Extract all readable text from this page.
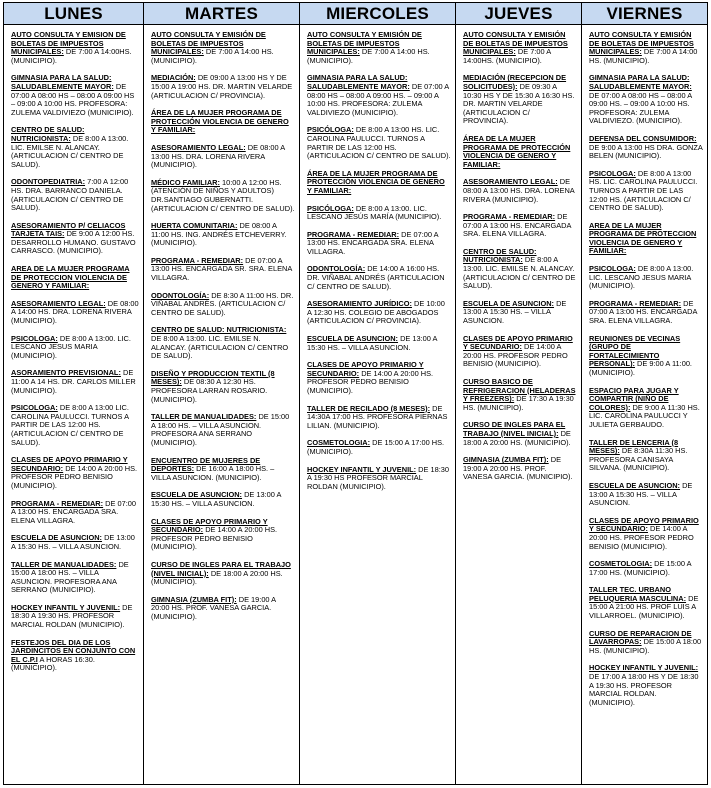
LUNES
AUTO CONSULTA Y EMISION DE BOLETAS DE IMPUESTOS MUNICIPALES: DE 7:00 A 14:00HS. (MUNICIPIO).
GIMNASIA PARA LA SALUD: SALUDABLEMENTE MAYOR: DE 07:00 A 08:00 HS – 08:00 A 09:00 HS – 09:00 A 10:00 HS. PROFESORA: ZULEMA VALDIVIEZO (MUNICIPIO).
CENTRO DE SALUD: NUTRICIONISTA: DE 8:00 A 13:00. LIC. EMILSE N. ALANCAY. (ARTICULACION C/ CENTRO DE SALUD).
ODONTOPEDIATRIA: 7:00 A 12:00 HS. DRA. BARRANCO DANIELA. (ARTICULACION C/ CENTRO DE SALUD).
ASESORAMIENTO P/ CELIACOS TARJETA TAIS: DE 9:00 A 12:00 HS. DESARROLLO HUMANO. GUSTAVO CARRASCO. (MUNICIPIO).
AREA DE LA MUJER PROGRAMA DE PROTECCION VIOLENCIA DE GENERO Y FAMILIAR:
ASESORAMIENTO LEGAL: DE 08:00 A 14:00 HS. DRA. LORENA RIVERA (MUNICIPIO).
PSICOLOGA: DE 8:00 A 13:00. LIC. LESCANO JESUS MARIA (MUNICIPIO).
ASORAMIENTO PREVISIONAL: DE 11:00 A 14 HS. DR. CARLOS MILLER (MUNICIPIO).
PSICOLOGA: DE 8:00 A 13:00 LIC. CAROLINA PAULUCCI. TURNOS A PARTIR DE LAS 12:00 HS. (ARTICULACION C/ CENTRO DE SALUD).
CLASES DE APOYO PRIMARIO Y SECUNDARIO: DE 14:00 A 20:00 HS. PROFESOR PEDRO BENISIO (MUNICIPIO).
PROGRAMA - REMEDIAR: DE 07:00 A 13:00 HS. ENCARGADA SRA. ELENA VILLAGRA.
ESCUELA DE ASUNCION: DE 13:00 A 15:30 HS. – VILLA ASUNCION.
TALLER DE MANUALIDADES: DE 15:00 A 18:00 HS. – VILLA ASUNCION. PROFESORA ANA SERRANO (MUNICIPIO).
HOCKEY INFANTIL Y JUVENIL: DE 18:30 A 19:30 HS. PROFESOR MARCIAL ROLDAN (MUNICIPIO).
FESTEJOS DEL DIA DE LOS JARDINCITOS EN CONJUNTO CON EL C.P.I A HORAS 16:30. (MUNICIPIO).
MARTES
AUTO CONSULTA Y EMISIÓN DE BOLETAS DE IMPUESTOS MUNICIPALES: DE 7:00 A 14:00 HS. (MUNICIPIO).
MEDIACIÓN: DE 09:00 A 13:00 HS Y DE 15:00 A 19:00 HS. DR. MARTIN VELARDE (ARTICULACION C/ PROVINCIA).
ÁREA DE LA MUJER PROGRAMA DE PROTECCIÓN VIOLENCIA DE GENERO Y FAMILIAR:
ASESORAMIENTO LEGAL: DE 08:00 A 13:00 HS. DRA. LORENA RIVERA (MUNICIPIO).
MÉDICO FAMILIAR: 10:00 A 12:00 HS. (ATENCIÓN DE NIÑOS Y ADULTOS) DR.SANTIAGO GUBERNATTI. (ARTICULACION C/ CENTRO DE SALUD).
HUERTA COMUNITARIA: DE 08:00 A 11:00 HS. ING. ANDRÉS ETCHEVERRY. (MUNICIPIO).
PROGRAMA - REMEDIAR: DE 07:00 A 13:00 HS. ENCARGADA SR. SRA. ELENA VILLAGRA.
ODONTOLOGÍA: DE 8:30 A 11:00 HS. DR. VIÑABAL ANDRÉS. (ARTICULACION C/ CENTRO DE SALUD).
CENTRO DE SALUD: NUTRICIONISTA: DE 8:00 A 13:00. LIC. EMILSE N. ALANCAY. (ARTICULACION C/ CENTRO DE SALUD).
DISEÑO Y PRODUCCION TEXTIL (8 MESES): DE 08:30 A 12:30 HS. PROFESORA LARRAN ROSARIO. (MUNICIPIO).
TALLER DE MANUALIDADES: DE 15:00 A 18:00 HS. – VILLA ASUNCION. PROFESORA ANA SERRANO (MUNICIPIO).
ENCUENTRO DE MUJERES DE DEPORTES: DE 16:00 A 18:00 HS. – VILLA ASUNCION. (MUNICIPIO).
ESCUELA DE ASUNCION: DE 13:00 A 15:30 HS. – VILLA ASUNCION.
CLASES DE APOYO PRIMARIO Y SECUNDARIO: DE 14:00 A 20:00 HS. PROFESOR PEDRO BENISIO (MUNICIPIO).
CURSO DE INGLES PARA EL TRABAJO (NIVEL INICIAL): DE 18:00 A 20:00 HS. (MUNICIPIO).
GIMNASIA (ZUMBA FIT): DE 19:00 A 20:00 HS. PROF. VANESA GARCIA. (MUNICIPIO).
MIERCOLES
AUTO CONSULTA Y EMISIÓN DE BOLETAS DE IMPUESTOS MUNICIPALES: DE 7:00 A 14:00 HS. (MUNICIPIO).
GIMNASIA PARA LA SALUD: SALUDABLEMENTE MAYOR: DE 07:00 A 08:00 HS – 08:00 A 09:00 HS. – 09:00 A 10:00 HS. PROFESORA: ZULEMA VALDIVIEZO (MUNICIPIO).
PSICÓLOGA: DE 8:00 A 13:00 HS. LIC. CAROLINA PAULUCCI. TURNOS A PARTIR DE LAS 12:00 HS. (ARTICULACION C/ CENTRO DE SALUD).
ÁREA DE LA MUJER PROGRAMA DE PROTECCIÓN VIOLENCIA DE GENERO Y FAMILIAR:
PSICÓLOGA: DE 8:00 A 13:00. LIC. LESCANO JESÚS MARÍA (MUNICIPIO).
PROGRAMA - REMEDIAR: DE 07:00 A 13:00 HS. ENCARGADA SRA. ELENA VILLAGRA.
ODONTOLOGÍA: DE 14:00 A 16:00 HS. DR. VIÑABAL ANDRÉS (ARTICULACION C/ CENTRO DE SALUD).
ASESORAMIENTO JURÍDICO: DE 10:00 A 12:30 HS. COLEGIO DE ABOGADOS (ARTICULACION C/ PROVINCIA).
ESCUELA DE ASUNCION: DE 13:00 A 15:30 HS. – VILLA ASUNCION.
CLASES DE APOYO PRIMARIO Y SECUNDARIO: DE 14:00 A 20:00 HS. PROFESOR PEDRO BENISIO (MUNICIPIO).
TALLER DE RECILADO (8 MESES): DE 14:30A 17:00 HS. PROFESORA PIERNAS LILIAN. (MUNICIPIO).
COSMETOLOGIA: DE 15:00 A 17:00 HS. (MUNICIPIO).
HOCKEY INFANTIL Y JUVENIL: DE 18:30 A 19:30 HS PROFESOR MARCIAL ROLDAN (MUNICIPIO).
JUEVES
AUTO CONSULTA Y EMISIÓN DE BOLETAS DE IMPUESTOS MUNICIPALES: DE 7:00 A 14:00HS. (MUNICIPIO).
MEDIACIÓN (RECEPCION DE SOLICITUDES): DE 09:30 A 10:30 HS Y DE 15:30 A 16:30 HS. DR. MARTIN VELARDE (ARTICULACION C/ PROVINCIA).
ÁREA DE LA MUJER PROGRAMA DE PROTECCIÓN VIOLENCIA DE GENERO Y FAMILIAR:
ASESORAMIENTO LEGAL: DE 08:00 A 13:00 HS. DRA. LORENA RIVERA (MUNICIPIO).
PROGRAMA - REMEDIAR: DE 07:00 A 13:00 HS. ENCARGADA SRA. ELENA VILLAGRA.
CENTRO DE SALUD: NUTRICIONISTA: DE 8:00 A 13:00. LIC. EMILSE N. ALANCAY. (ARTICULACION C/ CENTRO DE SALUD).
ESCUELA DE ASUNCION: DE 13:00 A 15:30 HS. – VILLA ASUNCION.
CLASES DE APOYO PRIMARIO Y SECUNDARIO: DE 14:00 A 20:00 HS. PROFESOR PEDRO BENISIO (MUNICIPIO).
CURSO BASICO DE REFRIGERACION (HELADERAS Y FREEZERS): DE 17:30 A 19:30 HS. (MUNICIPIO).
CURSO DE INGLES PARA EL TRABAJO (NIVEL INICIAL): DE 18:00 A 20:00 HS. (MUNICIPIO).
GIMNASIA (ZUMBA FIT): DE 19:00 A 20:00 HS. PROF. VANESA GARCIA. (MUNICIPIO).
VIERNES
AUTO CONSULTA Y EMISIÓN DE BOLETAS DE IMPUESTOS MUNICIPALES: DE 7:00 A 14:00 HS. (MUNICIPIO).
GIMNASIA PARA LA SALUD: SALUDABLEMENTE MAYOR: DE 07:00 A 08:00 HS – 08:00 A 09:00 HS. – 09:00 A 10:00 HS. PROFESORA: ZULEMA VALDIVIEZO. (MUNICIPIO).
DEFENSA DEL CONSUMIDOR: DE 9:00 A 13:00 HS DRA. GONZA BELEN (MUNICIPIO).
PSICOLOGA: DE 8:00 A 13:00 HS. LIC. CAROLINA PAULUCCI. TURNOS A PARTIR DE LAS 12:00 HS. (ARTICULACION C/ CENTRO DE SALUD).
AREA DE LA MUJER PROGRAMA DE PROTECCION VIOLENCIA DE GENERO Y FAMILIAR:
PSICOLOGA: DE 8:00 A 13:00. LIC. LESCANO JESUS MARIA (MUNICIPIO).
PROGRAMA - REMEDIAR: DE 07:00 A 13:00 HS. ENCARGADA SRA. ELENA VILLAGRA.
REUNIONES DE VECINAS (GRUPO DE FORTALECIMIENTO PERSONAL): DE 9:00 A 11:00. (MUNICIPIO).
ESPACIO PARA JUGAR Y COMPARTIR (NIÑO DE COLORES): DE 9:00 A 11:30 HS. LIC. CAROLINA PAULUCCI Y JULIETA GERBAUDO.
TALLER DE LENCERIA (8 MESES): DE 8:30A 11:30 HS. PROFESORA CANISAYA SILVANA. (MUNICIPIO).
ESCUELA DE ASUNCION: DE 13:00 A 15:30 HS. – VILLA ASUNCION.
CLASES DE APOYO PRIMARIO Y SECUNDARIO: DE 14:00 A 20:00 HS. PROFESOR PEDRO BENISIO (MUNICIPIO).
COSMETOLOGIA: DE 15:00 A 17:00 HS. (MUNICIPIO).
TALLER TEC. URBANO PELUQUERIA MASCULINA: DE 15:00 A 21:00 HS. PROF LUIS A VILLARROEL. (MUNICIPIO).
CURSO DE REPARACION DE LAVARROPAS: DE 15:00 A 18:00 HS. (MUNICIPIO).
HOCKEY INFANTIL Y JUVENIL: DE 17:00 A 18:00 HS Y DE 18:30 A 19:30 HS. PROFESOR MARCIAL ROLDAN. (MUNICIPIO).
